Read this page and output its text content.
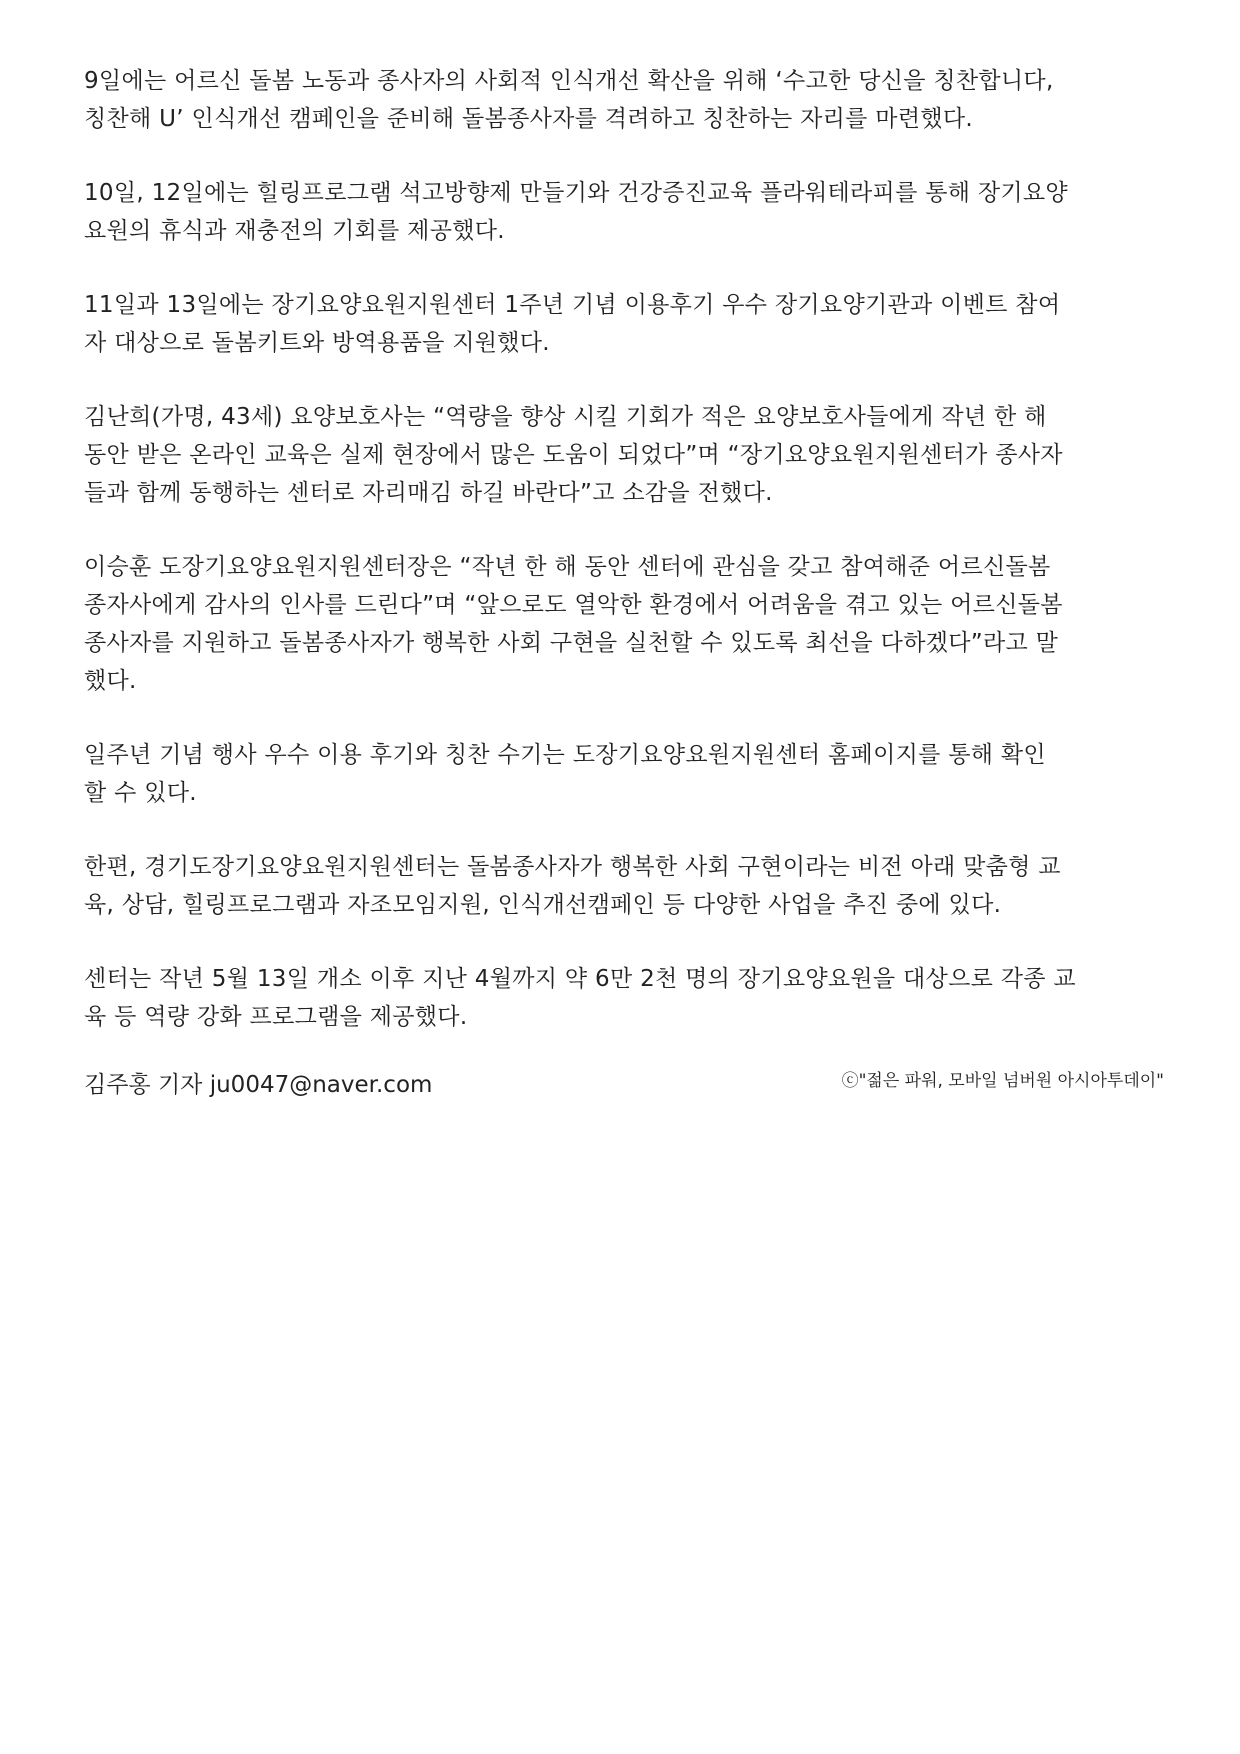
9일에는 어르신 돌봄 노동과 종사자의 사회적 인식개선 확산을 위해 ‘수고한 당신을 칭찬합니다,
칭찬해 U’ 인식개선 캠페인을 준비해 돌봄종사자를 격려하고 칭찬하는 자리를 마련했다.

10일, 12일에는 힐링프로그램 석고방향제 만들기와 건강증진교육 플라워테라피를 통해 장기요양
요원의 휴식과 재충전의 기회를 제공했다.

11일과 13일에는 장기요양요원지원센터 1주년 기념 이용후기 우수 장기요양기관과 이벤트 참여
자 대상으로 돌봄키트와 방역용품을 지원했다.

김난희(가명, 43세) 요양보호사는 “역량을 향상 시킬 기회가 적은 요양보호사들에게 작년 한 해
동안 받은 온라인 교육은 실제 현장에서 많은 도움이 되었다”며 “장기요양요원지원센터가 종사자
들과 함께 동행하는 센터로 자리매김 하길 바란다”고 소감을 전했다.

이승훈 도장기요양요원지원센터장은 “작년 한 해 동안 센터에 관심을 갖고 참여해준 어르신돌봄
종자사에게 감사의 인사를 드린다”며 “앞으로도 열악한 환경에서 어려움을 겪고 있는 어르신돌봄
종사자를 지원하고 돌봄종사자가 행복한 사회 구현을 실천할 수 있도록 최선을 다하겠다”라고 말
했다.

일주년 기념 행사 우수 이용 후기와 칭찬 수기는 도장기요양요원지원센터 홈페이지를 통해 확인
할 수 있다.

한편, 경기도장기요양요원지원센터는 돌봄종사자가 행복한 사회 구현이라는 비전 아래 맞춤형 교
육, 상담, 힐링프로그램과 자조모임지원, 인식개선캠페인 등 다양한 사업을 추진 중에 있다.

센터는 작년 5월 13일 개소 이후 지난 4월까지 약 6만 2천 명의 장기요양요원을 대상으로 각종 교
육 등 역량 강화 프로그램을 제공했다.

김주홍 기자 ju0047@naver.com	ⓒ"젊은 파워, 모바일 넘버원 아시아투데이"
